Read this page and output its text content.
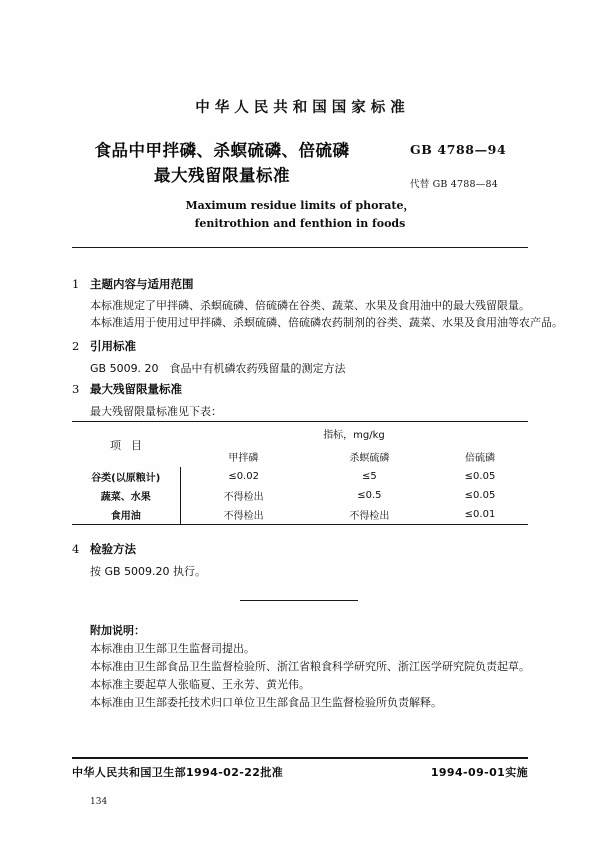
中华人民共和国国家标准
食品中甲拌磷、杀螟硫磷、倍硫磷
最大残留限量标准
GB 4788—94
代替 GB 4788—84
Maximum residue limits of phorate，
fenitrothion and fenthion in foods
1 主题内容与适用范围
本标准规定了甲拌磷、杀螟硫磷、倍硫磷在谷类、蔬菜、水果及食用油中的最大残留限量。
本标准适用于使用过甲拌磷、杀螟硫磷、倍硫磷农药制剂的谷类、蔬菜、水果及食用油等农产品。
2 引用标准
GB 5009. 20　食品中有机磷农药残留量的测定方法
3 最大残留限量标准
最大残留限量标准见下表：
项目	指标，mg/kg		
	甲拌磷	杀螟硫磷	倍硫磷
谷类(以原粮计)	≤0.02	≤5	≤0.05
蔬菜、水果	不得检出	≤0.5	≤0.05
食用油	不得检出	不得检出	≤0.01
4 检验方法
按 GB 5009.20 执行。
附加说明：
本标准由卫生部卫生监督司提出。
本标准由卫生部食品卫生监督检验所、浙江省粮食科学研究所、浙江医学研究院负责起草。
本标准主要起草人张临夏、王永芳、黄光伟。
本标准由卫生部委托技术归口单位卫生部食品卫生监督检验所负责解释。
中华人民共和国卫生部1994-02-22批准	1994-09-01实施
134
